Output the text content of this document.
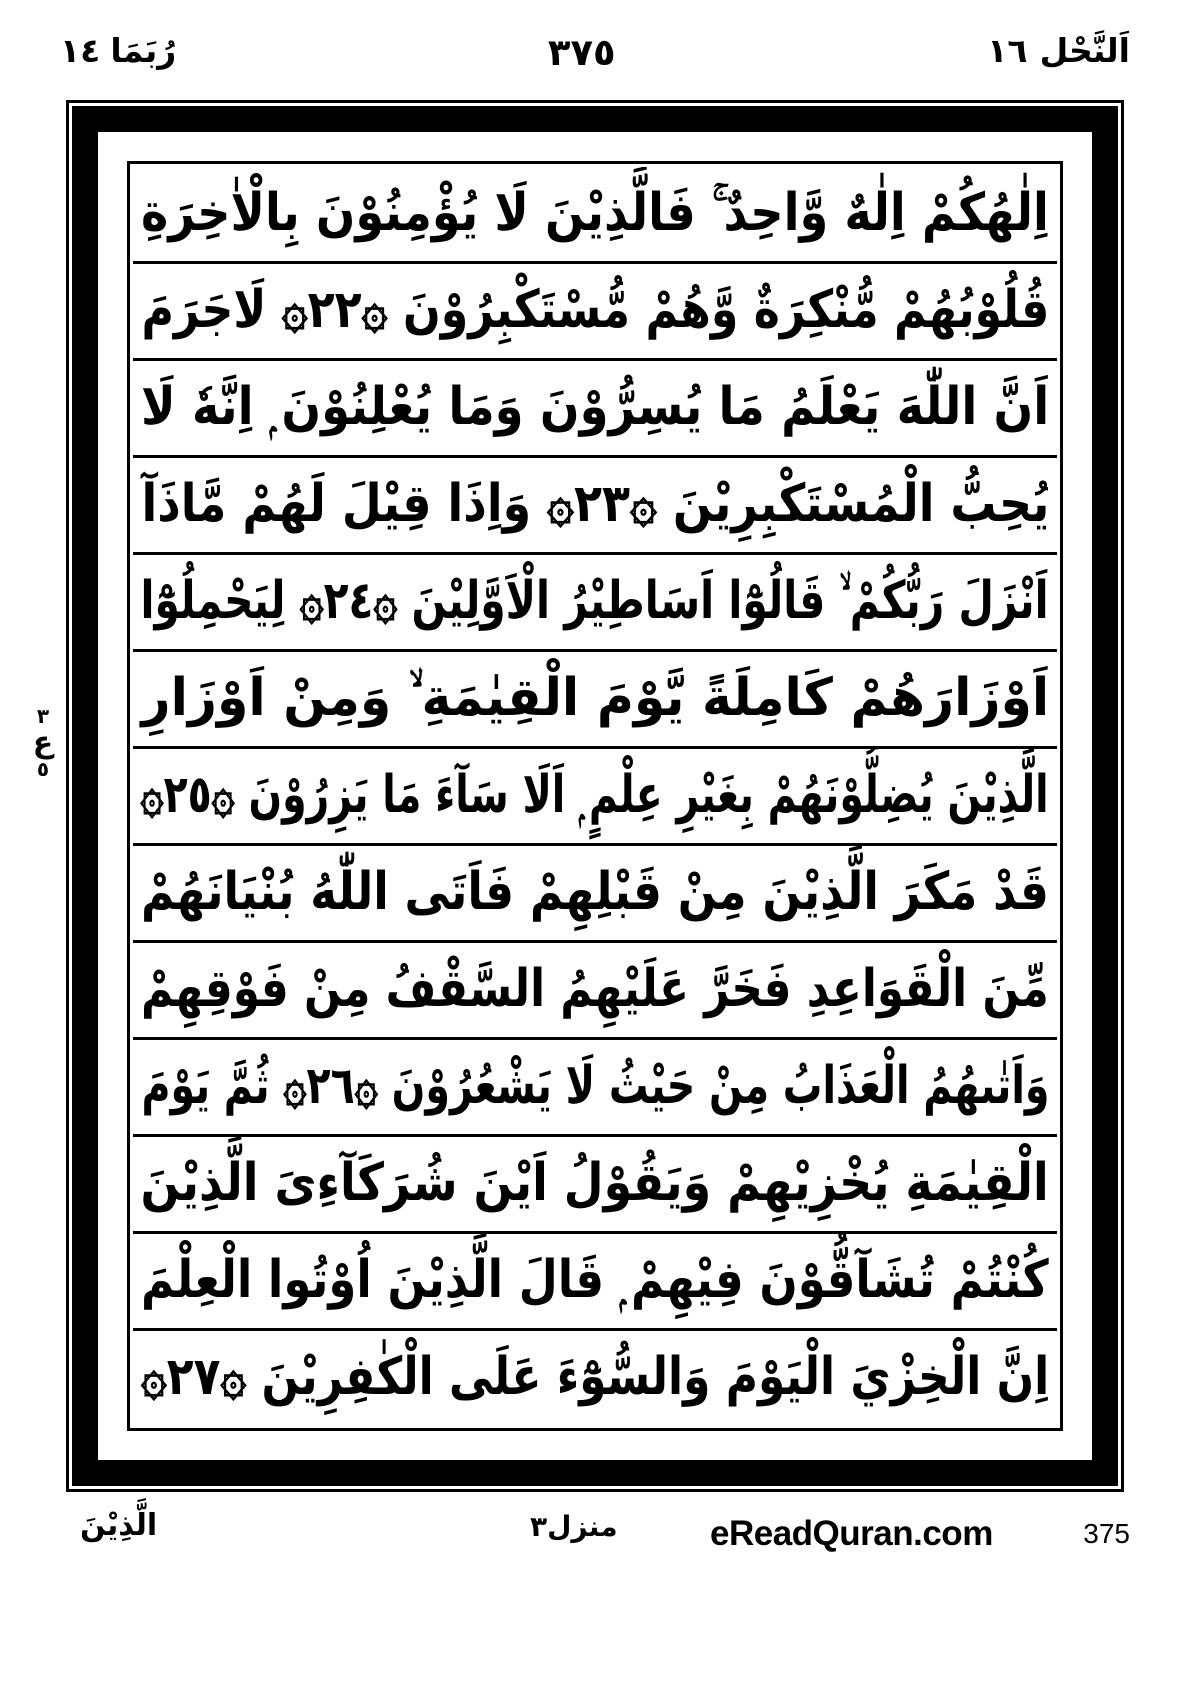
اَلنَّحْل
١٦
٣٧٥
رُبَمَا
١٤
٣
ع
٥
اِلٰهُكُمْ اِلٰهٌ وَّاحِدٌ ۚ فَالَّذِيْنَ لَا يُؤْمِنُوْنَ بِالْاٰخِرَةِ
قُلُوْبُهُمْ مُّنْكِرَةٌ وَّهُمْ مُّسْتَكْبِرُوْنَ ۞٢٢۞ لَاجَرَمَ
اَنَّ اللّٰهَ يَعْلَمُ مَا يُسِرُّوْنَ وَمَا يُعْلِنُوْنَ ۭ اِنَّهٗ لَا
يُحِبُّ الْمُسْتَكْبِرِيْنَ ۞٢٣۞ وَاِذَا قِيْلَ لَهُمْ مَّاذَآ
اَنْزَلَ رَبُّكُمْ ۙ قَالُوْٓا اَسَاطِيْرُ الْاَوَّلِيْنَ ۞٢٤۞ لِيَحْمِلُوْٓا
اَوْزَارَهُمْ كَامِلَةً يَّوْمَ الْقِيٰمَةِ ۙ وَمِنْ اَوْزَارِ
الَّذِيْنَ يُضِلُّوْنَهُمْ بِغَيْرِ عِلْمٍ ۭ اَلَا سَآءَ مَا يَزِرُوْنَ ۞٢٥۞
قَدْ مَكَرَ الَّذِيْنَ مِنْ قَبْلِهِمْ فَاَتَى اللّٰهُ بُنْيَانَهُمْ
مِّنَ الْقَوَاعِدِ فَخَرَّ عَلَيْهِمُ السَّقْفُ مِنْ فَوْقِهِمْ
وَاَتٰىهُمُ الْعَذَابُ مِنْ حَيْثُ لَا يَشْعُرُوْنَ ۞٢٦۞ ثُمَّ يَوْمَ
الْقِيٰمَةِ يُخْزِيْهِمْ وَيَقُوْلُ اَيْنَ شُرَكَآءِىَ الَّذِيْنَ
كُنْتُمْ تُشَآقُّوْنَ فِيْهِمْ ۭ قَالَ الَّذِيْنَ اُوْتُوا الْعِلْمَ
اِنَّ الْخِزْيَ الْيَوْمَ وَالسُّوْٓءَ عَلَى الْكٰفِرِيْنَ ۞٢٧۞
الَّذِيْنَ	منزل٣	eReadQuran.com	375
